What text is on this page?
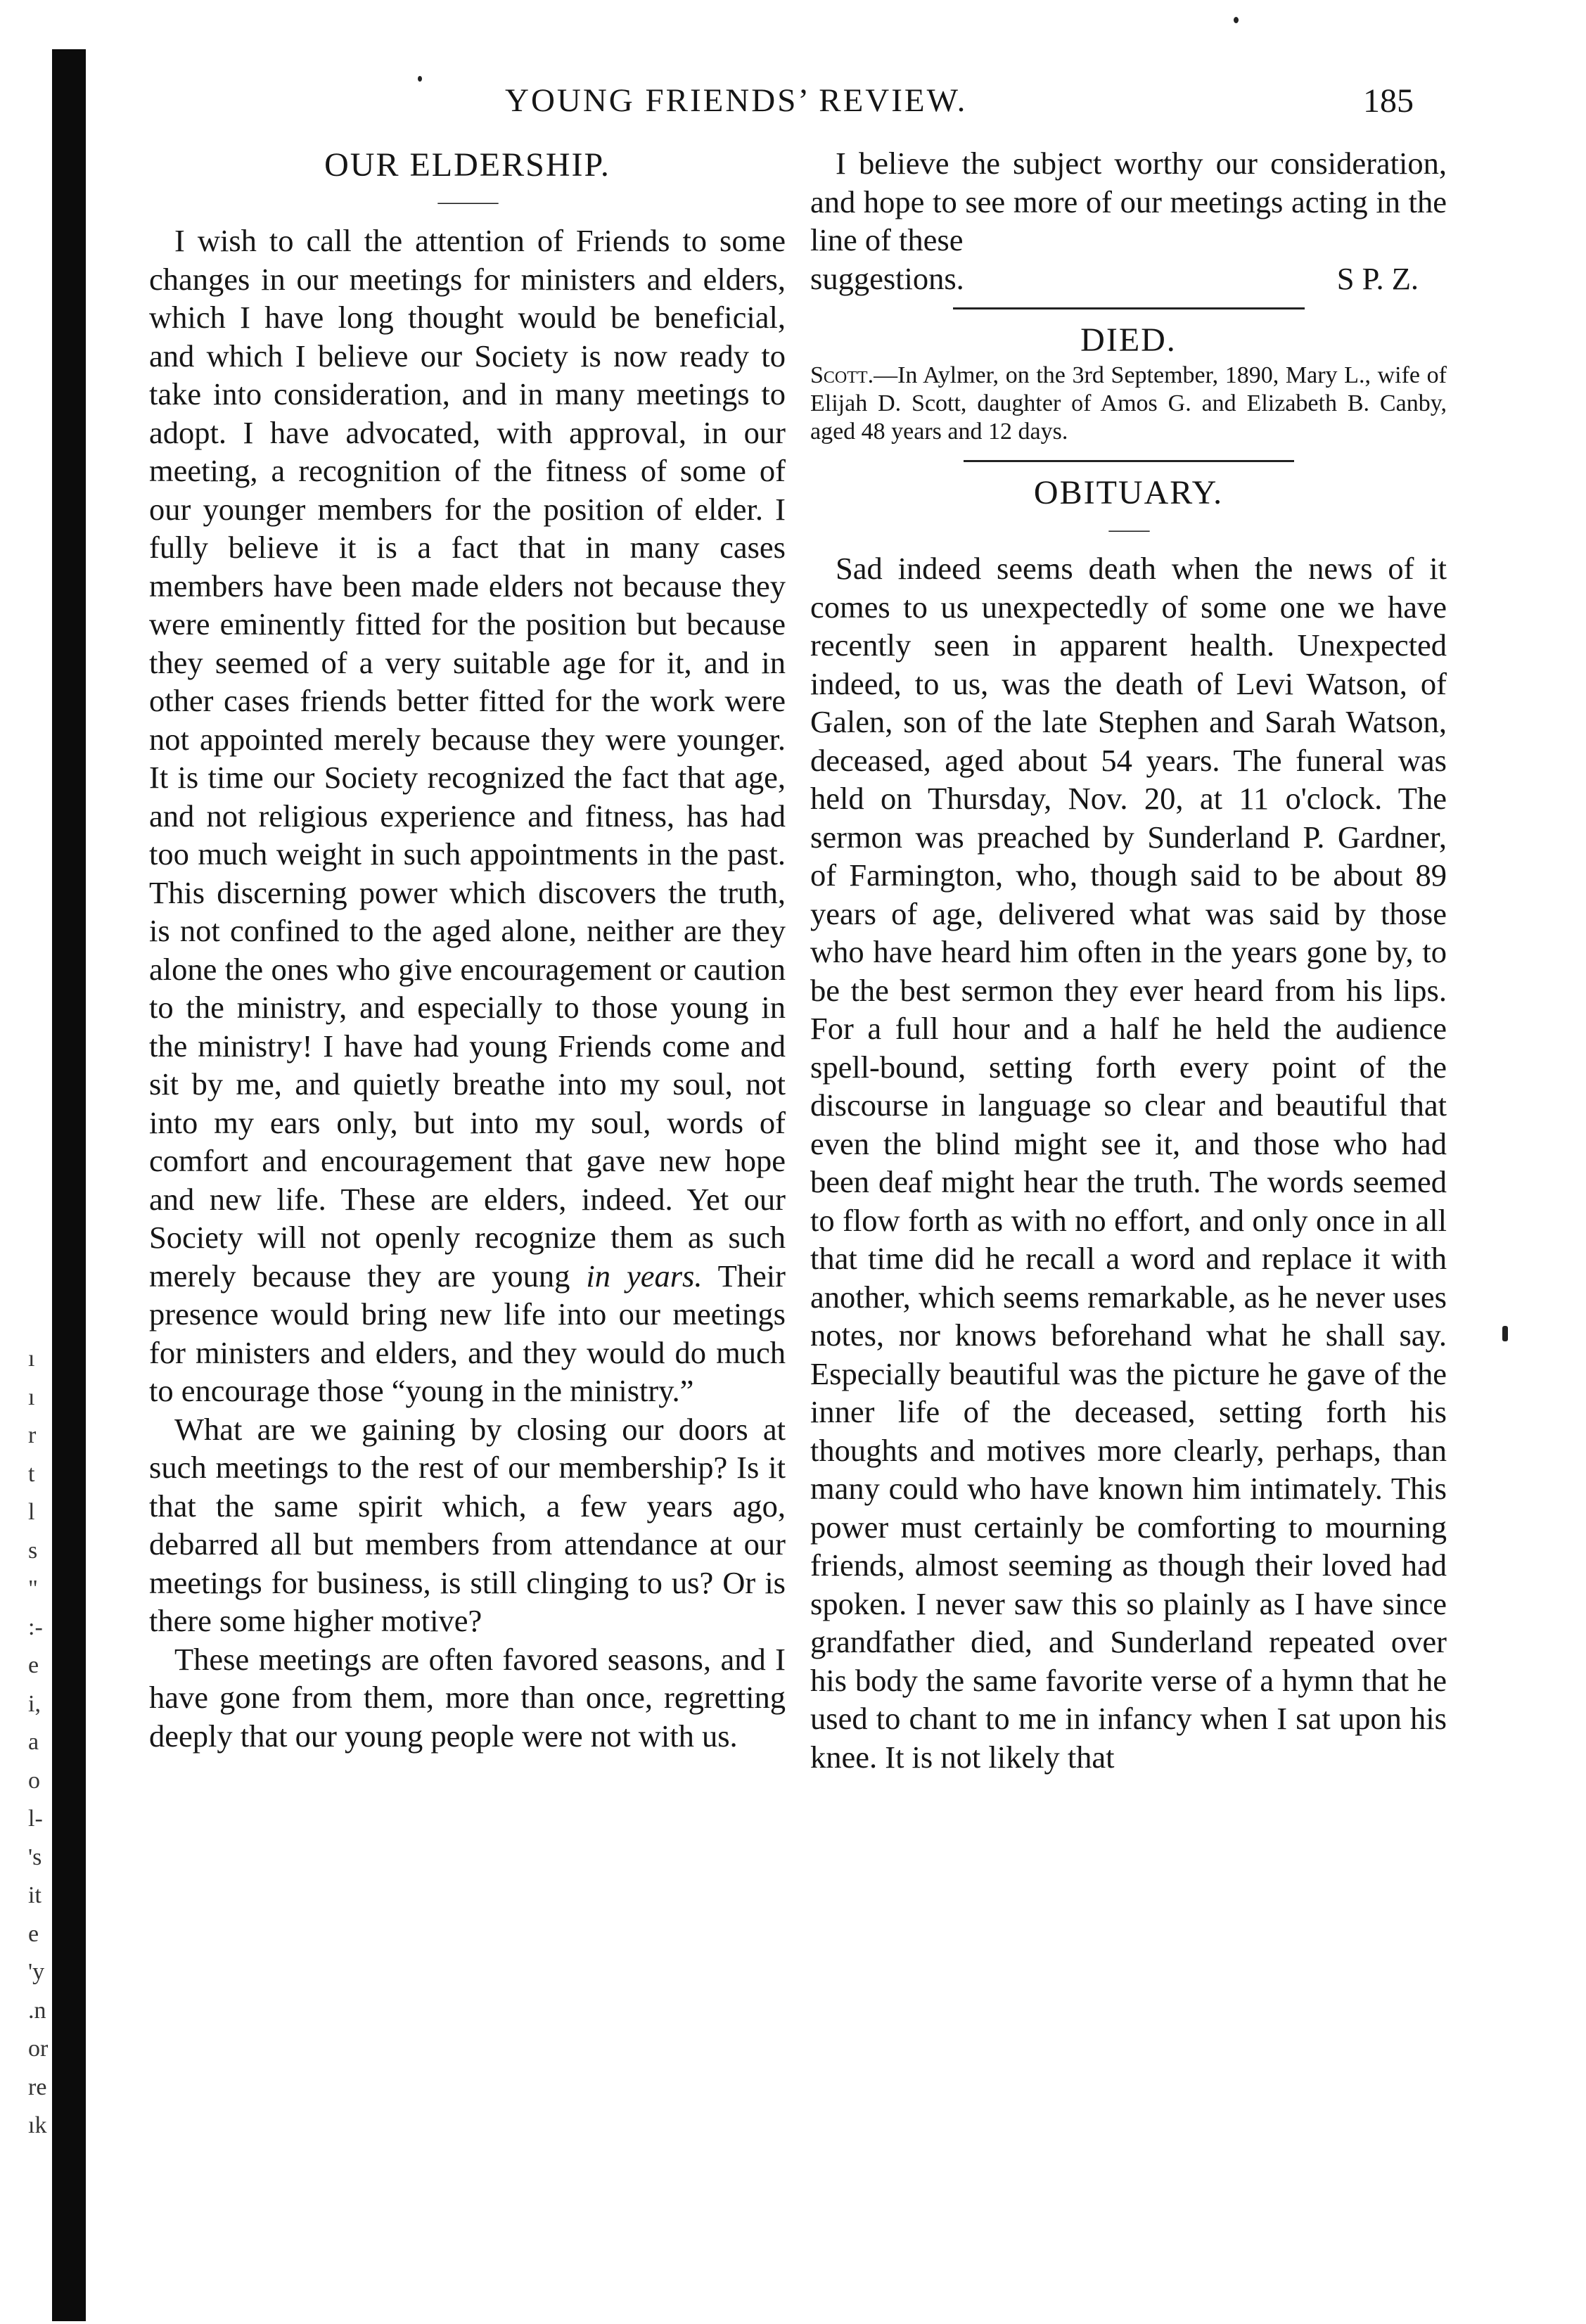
ı
ı
r
t
l
s
"
:-
e
i,
a
o
l-
's
it
e
'y
.n
or
re
ık
YOUNG FRIENDS’ REVIEW.	185
OUR ELDERSHIP.
———

I wish to call the attention of Friends to some changes in our meetings for ministers and elders, which I have long thought would be beneficial, and which I believe our Society is now ready to take into consideration, and in many meetings to adopt. I have advocated, with approval, in our meeting, a recognition of the fitness of some of our younger members for the position of elder. I fully believe it is a fact that in many cases members have been made elders not because they were eminently fitted for the position but because they seemed of a very suitable age for it, and in other cases friends better fitted for the work were not appointed merely because they were younger. It is time our Society recognized the fact that age, and not religious experience and fitness, has had too much weight in such appointments in the past. This discerning power which discovers the truth, is not confined to the aged alone, neither are they alone the ones who give encouragement or caution to the ministry, and especially to those young in the ministry! I have had young Friends come and sit by me, and quietly breathe into my soul, not into my ears only, but into my soul, words of comfort and encouragement that gave new hope and new life. These are elders, indeed. Yet our Society will not openly recognize them as such merely because they are young in years. Their presence would bring new life into our meetings for ministers and elders, and they would do much to encourage those “young in the ministry.”

What are we gaining by closing our doors at such meetings to the rest of our membership? Is it that the same spirit which, a few years ago, debarred all but members from attendance at our meetings for business, is still clinging to us? Or is there some higher motive?

These meetings are often favored seasons, and I have gone from them, more than once, regretting deeply that our young people were not with us.

I believe the subject worthy our consideration, and hope to see more of our meetings acting in the line of these

suggestions.	S P. Z.

DIED.

Scott.—In Aylmer, on the 3rd September, 1890, Mary L., wife of Elijah D. Scott, daughter of Amos G. and Elizabeth B. Canby, aged 48 years and 12 days.

OBITUARY.
——

Sad indeed seems death when the news of it comes to us unexpectedly of some one we have recently seen in apparent health. Unexpected indeed, to us, was the death of Levi Watson, of Galen, son of the late Stephen and Sarah Watson, deceased, aged about 54 years. The funeral was held on Thursday, Nov. 20, at 11 o'clock. The sermon was preached by Sunderland P. Gardner, of Farmington, who, though said to be about 89 years of age, delivered what was said by those who have heard him often in the years gone by, to be the best sermon they ever heard from his lips. For a full hour and a half he held the audience spell-bound, setting forth every point of the discourse in language so clear and beautiful that even the blind might see it, and those who had been deaf might hear the truth. The words seemed to flow forth as with no effort, and only once in all that time did he recall a word and replace it with another, which seems remarkable, as he never uses notes, nor knows beforehand what he shall say. Especially beautiful was the picture he gave of the inner life of the deceased, setting forth his thoughts and motives more clearly, perhaps, than many could who have known him intimately. This power must certainly be comforting to mourning friends, almost seeming as though their loved had spoken. I never saw this so plainly as I have since grandfather died, and Sunderland repeated over his body the same favorite verse of a hymn that he used to chant to me in infancy when I sat upon his knee. It is not likely that
